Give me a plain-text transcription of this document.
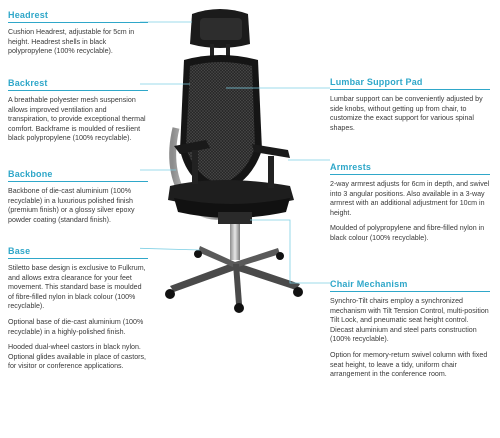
Headrest

Cushion Headrest, adjustable for 5cm in height. Headrest shells in black polypropylene (100% recyclable).

Backrest

A breathable polyester mesh suspension allows improved ventilation and transpiration, to provide exceptional thermal comfort. Backframe is moulded of resilient black polypropylene (100% recyclable).

Backbone

Backbone of die-cast aluminium (100% recyclable) in a luxurious polished finish (premium finish) or a glossy silver epoxy powder coating (standard finish).

Base

Stiletto base design is exclusive to Fulkrum, and allows extra clearance for your feet movement. This standard base is moulded of fibre-filled nylon in black colour (100% recyclable).

Optional base of die-cast aluminium (100% recyclable) in a highly-polished finish.

Hooded dual-wheel castors in black nylon. Optional glides available in place of castors, for visitor or conference applications.

Lumbar Support Pad

Lumbar support can be conveniently adjusted by side knobs, without getting up from chair, to customize the exact support for various spinal shapes.

Armrests

2-way armrest adjusts for 6cm in depth, and swivel into 3 angular positions. Also available in a 3-way armrest with an additional adjustment for 10cm in height.

Moulded of polypropylene and fibre-filled nylon in black colour (100% recyclable).

Chair Mechanism

Synchro-Tilt chairs employ a synchronized mechanism with Tilt Tension Control, multi-position Tilt Lock, and pneumatic seat height control. Diecast aluminium and steel parts construction (100% recyclable).

Option for memory-return swivel column with fixed seat height, to leave a tidy, uniform chair arrangement in the conference room.
